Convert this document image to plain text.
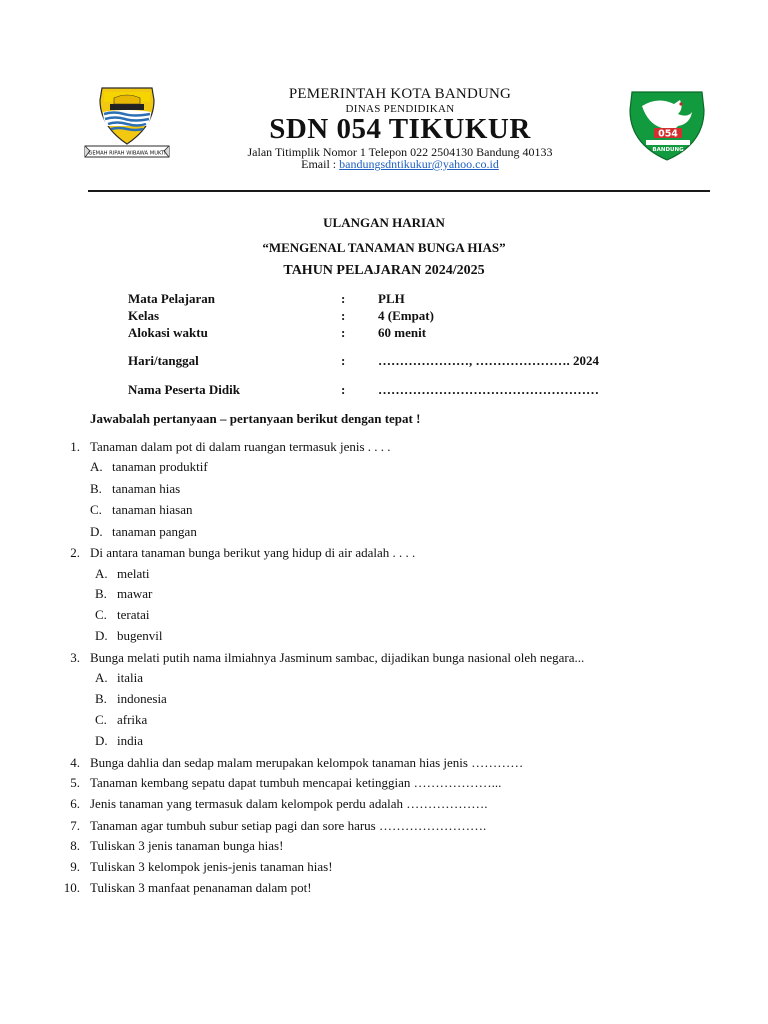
GEMAH RIPAH WIBAWA MUKTI
054
BANDUNG
PEMERINTAH KOTA BANDUNG
DINAS PENDIDIKAN
SDN 054 TIKUKUR
Jalan Titimplik Nomor 1 Telepon 022 2504130 Bandung 40133
Email : bandungsdntikukur@yahoo.co.id
ULANGAN HARIAN
“MENGENAL TANAMAN BUNGA HIAS”
TAHUN PELAJARAN 2024/2025
Mata Pelajaran	:	PLH
Kelas	:	4 (Empat)
Alokasi waktu	:	60 menit
Hari/tanggal	:	…………………, …………………. 2024
Nama Peserta Didik	:	……………………………………………
Jawabalah pertanyaan – pertanyaan berikut dengan tepat !
1. Tanaman dalam pot di dalam ruangan termasuk jenis . . . .
A. tanaman produktif
B. tanaman hias
C. tanaman hiasan
D. tanaman pangan
2. Di antara tanaman bunga berikut yang hidup di air adalah . . . .
A. melati
B. mawar
C. teratai
D. bugenvil
3. Bunga melati putih nama ilmiahnya Jasminum sambac, dijadikan bunga nasional oleh negara...
A. italia
B. indonesia
C. afrika
D. india
4. Bunga dahlia dan sedap malam merupakan kelompok tanaman hias jenis …………
5. Tanaman kembang sepatu dapat tumbuh mencapai ketinggian ………………...
6. Jenis tanaman yang termasuk dalam kelompok perdu adalah ……………….
7. Tanaman agar tumbuh subur setiap pagi dan sore harus …………………….
8. Tuliskan 3 jenis tanaman bunga hias!
9. Tuliskan 3 kelompok jenis-jenis tanaman hias!
10. Tuliskan 3 manfaat penanaman dalam pot!
